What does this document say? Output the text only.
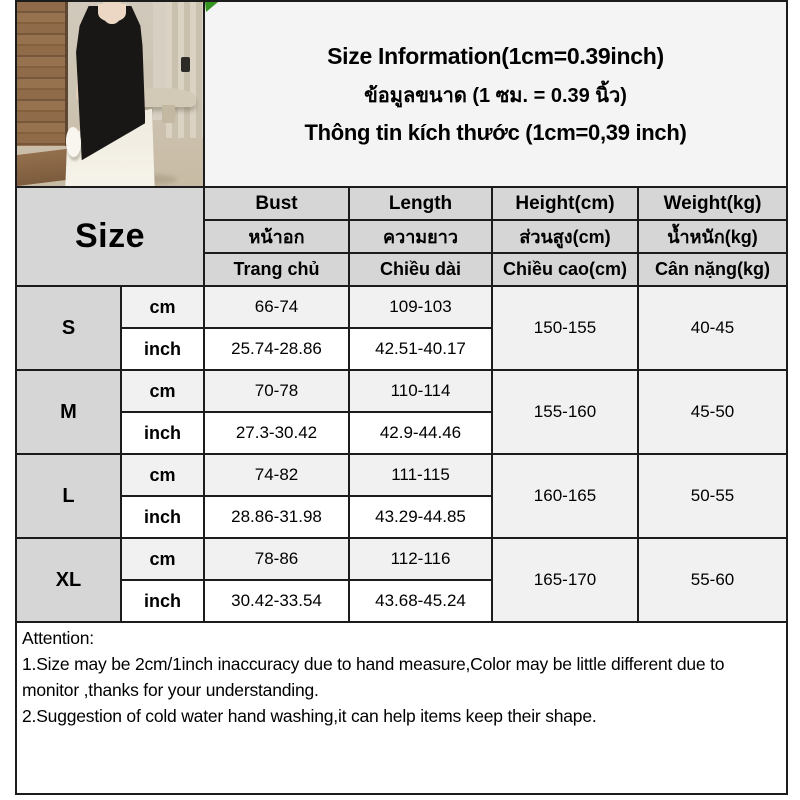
		Size Information(1cm=0.39inch)
ข้อมูลขนาด (1 ซม. = 0.39 นิ้ว)
Thông tin kích thước (1cm=0,39 inch)			

Size		Bust	Length	Height(cm)	Weight(kg)
		หน้าอก	ความยาว	ส่วนสูง(cm)	น้ำหนัก(kg)
		Trang chủ	Chiều dài	Chiều cao(cm)	Cân nặng(kg)
S	cm	66-74	109-103	150-155	40-45
	inch	25.74-28.86	42.51-40.17		
M	cm	70-78	110-114	155-160	45-50
	inch	27.3-30.42	42.9-44.46		
L	cm	74-82	111-115	160-165	50-55
	inch	28.86-31.98	43.29-44.85		
XL	cm	78-86	112-116	165-170	55-60
	inch	30.42-33.54	43.68-45.24		

Attention:
1.Size may be 2cm/1inch inaccuracy due to hand measure,Color may be little different due to monitor ,thanks for your understanding.
2.Suggestion of cold water hand washing,it can help items keep their shape.					
